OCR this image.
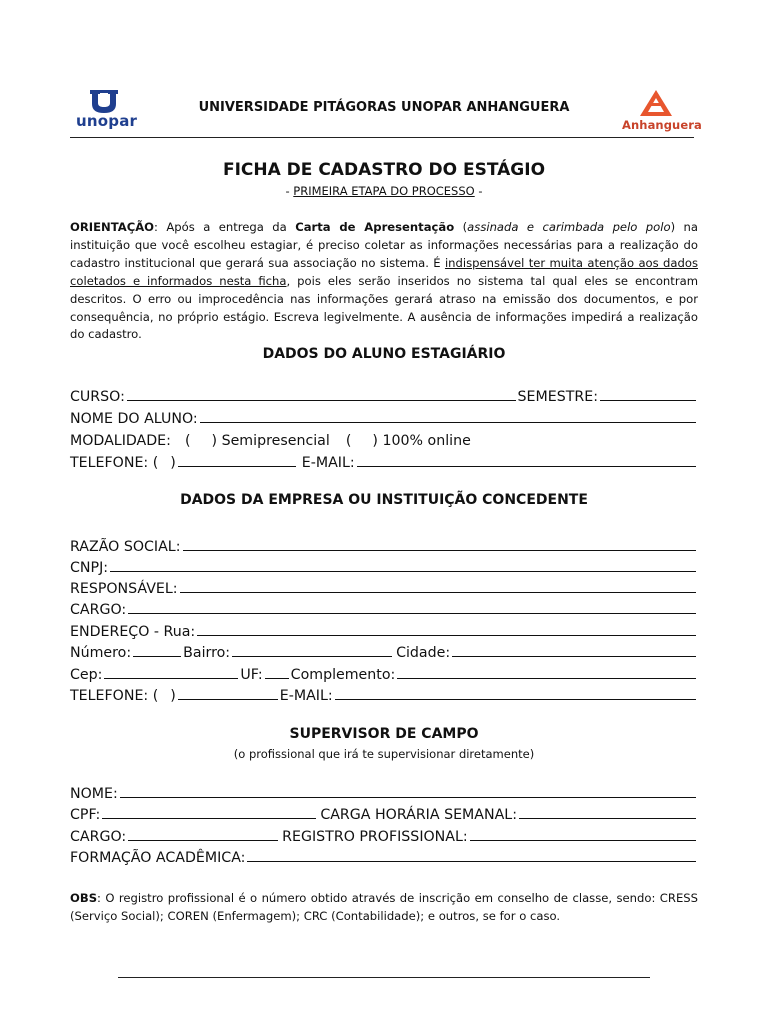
unopar
UNIVERSIDADE PITÁGORAS UNOPAR ANHANGUERA
Anhanguera
FICHA DE CADASTRO DO ESTÁGIO
- PRIMEIRA ETAPA DO PROCESSO -
ORIENTAÇÃO: Após a entrega da Carta de Apresentação (assinada e carimbada pelo polo) na instituição que você escolheu estagiar, é preciso coletar as informações necessárias para a realização do cadastro institucional que gerará sua associação no sistema. É indispensável ter muita atenção aos dados coletados e informados nesta ficha, pois eles serão inseridos no sistema tal qual eles se encontram descritos. O erro ou improcedência nas informações gerará atraso na emissão dos documentos, e por consequência, no próprio estágio. Escreva legivelmente. A ausência de informações impedirá a realização do cadastro.
DADOS DO ALUNO ESTAGIÁRIO
CURSO:	SEMESTRE:
NOME DO ALUNO:
MODALIDADE: (	) Semipresencial (	) 100% online
TELEFONE: ( )	E-MAIL:
DADOS DA EMPRESA OU INSTITUIÇÃO CONCEDENTE
RAZÃO SOCIAL:
CNPJ:
RESPONSÁVEL:
CARGO:
ENDEREÇO - Rua:
Número:	Bairro:	Cidade:
Cep:	UF: Complemento:
TELEFONE: ( )	E-MAIL:
SUPERVISOR DE CAMPO
(o profissional que irá te supervisionar diretamente)
NOME:
CPF:	CARGA HORÁRIA SEMANAL:
CARGO:	REGISTRO PROFISSIONAL:
FORMAÇÃO ACADÊMICA:
OBS: O registro profissional é o número obtido através de inscrição em conselho de classe, sendo: CRESS (Serviço Social); COREN (Enfermagem); CRC (Contabilidade); e outros, se for o caso.
